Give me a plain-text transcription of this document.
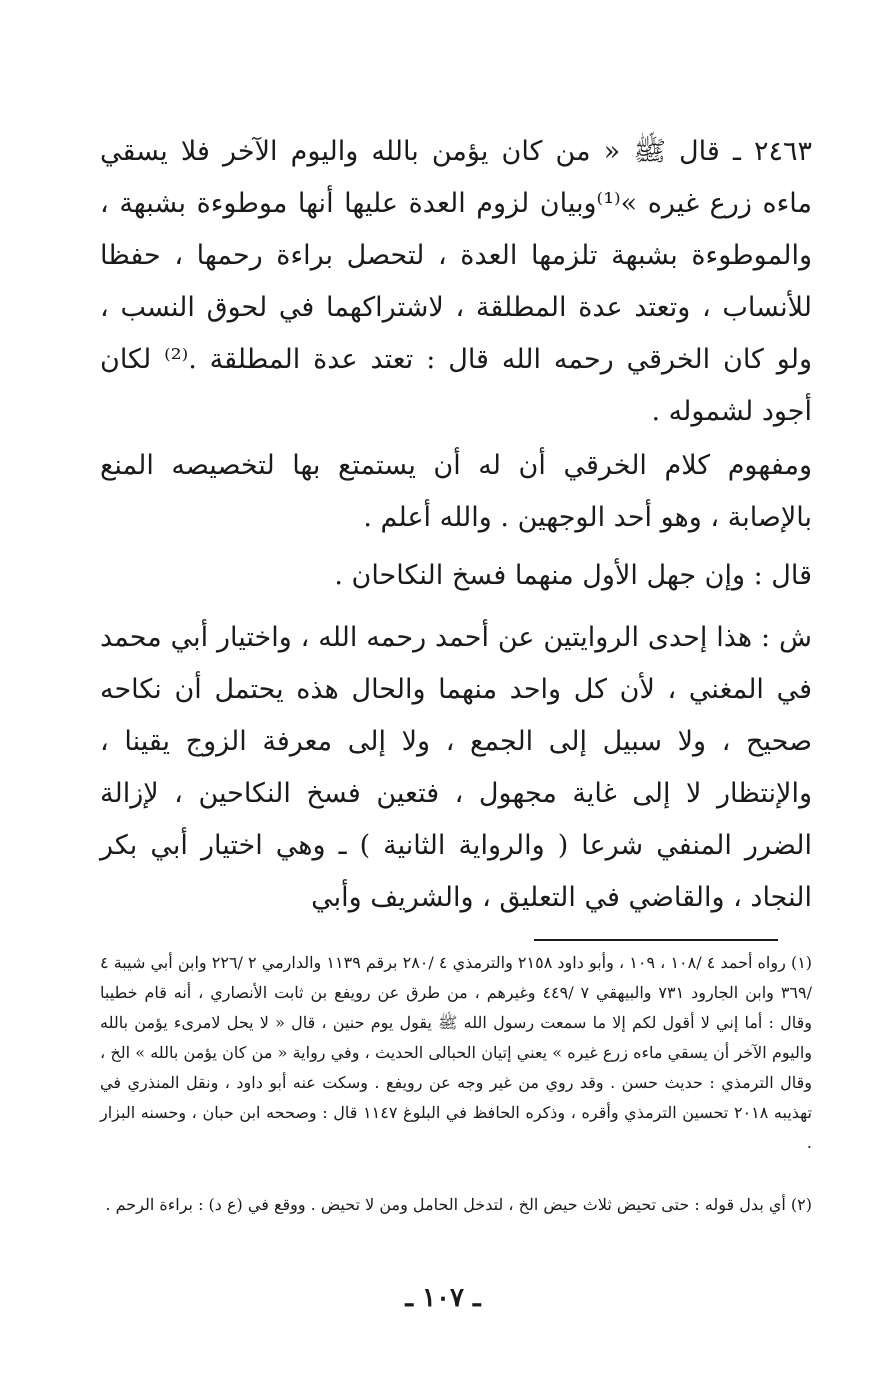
٢٤٦٣ ـ قال ﷺ « من كان يؤمن بالله واليوم الآخر فلا يسقي ماءه زرع غيره »⁽¹⁾وبيان لزوم العدة عليها أنها موطوءة بشبهة ، والموطوءة بشبهة تلزمها العدة ، لتحصل براءة رحمها ، حفظا للأنساب ، وتعتد عدة المطلقة ، لاشتراكهما في لحوق النسب ، ولو كان الخرقي رحمه الله قال : تعتد عدة المطلقة .⁽²⁾ لكان أجود لشموله .

ومفهوم كلام الخرقي أن له أن يستمتع بها لتخصيصه المنع بالإصابة ، وهو أحد الوجهين . والله أعلم .

قال : وإن جهل الأول منهما فسخ النكاحان .

ش : هذا إحدى الروايتين عن أحمد رحمه الله ، واختيار أبي محمد في المغني ، لأن كل واحد منهما والحال هذه يحتمل أن نكاحه صحيح ، ولا سبيل إلى الجمع ، ولا إلى معرفة الزوج يقينا ، والإنتظار لا إلى غاية مجهول ، فتعين فسخ النكاحين ، لإزالة الضرر المنفي شرعا ( والرواية الثانية ) ـ وهي اختيار أبي بكر النجاد ، والقاضي في التعليق ، والشريف وأبي

(١) رواه أحمد ٤ /١٠٨ ، ١٠٩ ، وأبو داود ٢١٥٨ والترمذي ٤ /٢٨٠ برقم ١١٣٩ والدارمي ٢ /٢٢٦ وابن أبي شيبة ٤ /٣٦٩ وابن الجارود ٧٣١ والبيهقي ٧ /٤٤٩ وغيرهم ، من طرق عن رويفع بن ثابت الأنصاري ، أنه قام خطيبا وقال : أما إني لا أقول لكم إلا ما سمعت رسول الله ﷺ يقول يوم حنين ، قال « لا يحل لامرىء يؤمن بالله واليوم الآخر أن يسقي ماءه زرع غيره » يعني إتيان الحبالى الحديث ، وفي رواية « من كان يؤمن بالله » الخ ، وقال الترمذي : حديث حسن . وقد روي من غير وجه عن رويفع . وسكت عنه أبو داود ، ونقل المنذري في تهذيبه ٢٠١٨ تحسين الترمذي وأقره ، وذكره الحافظ في البلوغ ١١٤٧ قال : وصححه ابن حبان ، وحسنه البزار .

(٢) أي بدل قوله : حتى تحيض ثلاث حيض الخ ، لتدخل الحامل ومن لا تحيض . ووقع في (ع د) : براءة الرحم .

ـ ١٠٧ ـ
